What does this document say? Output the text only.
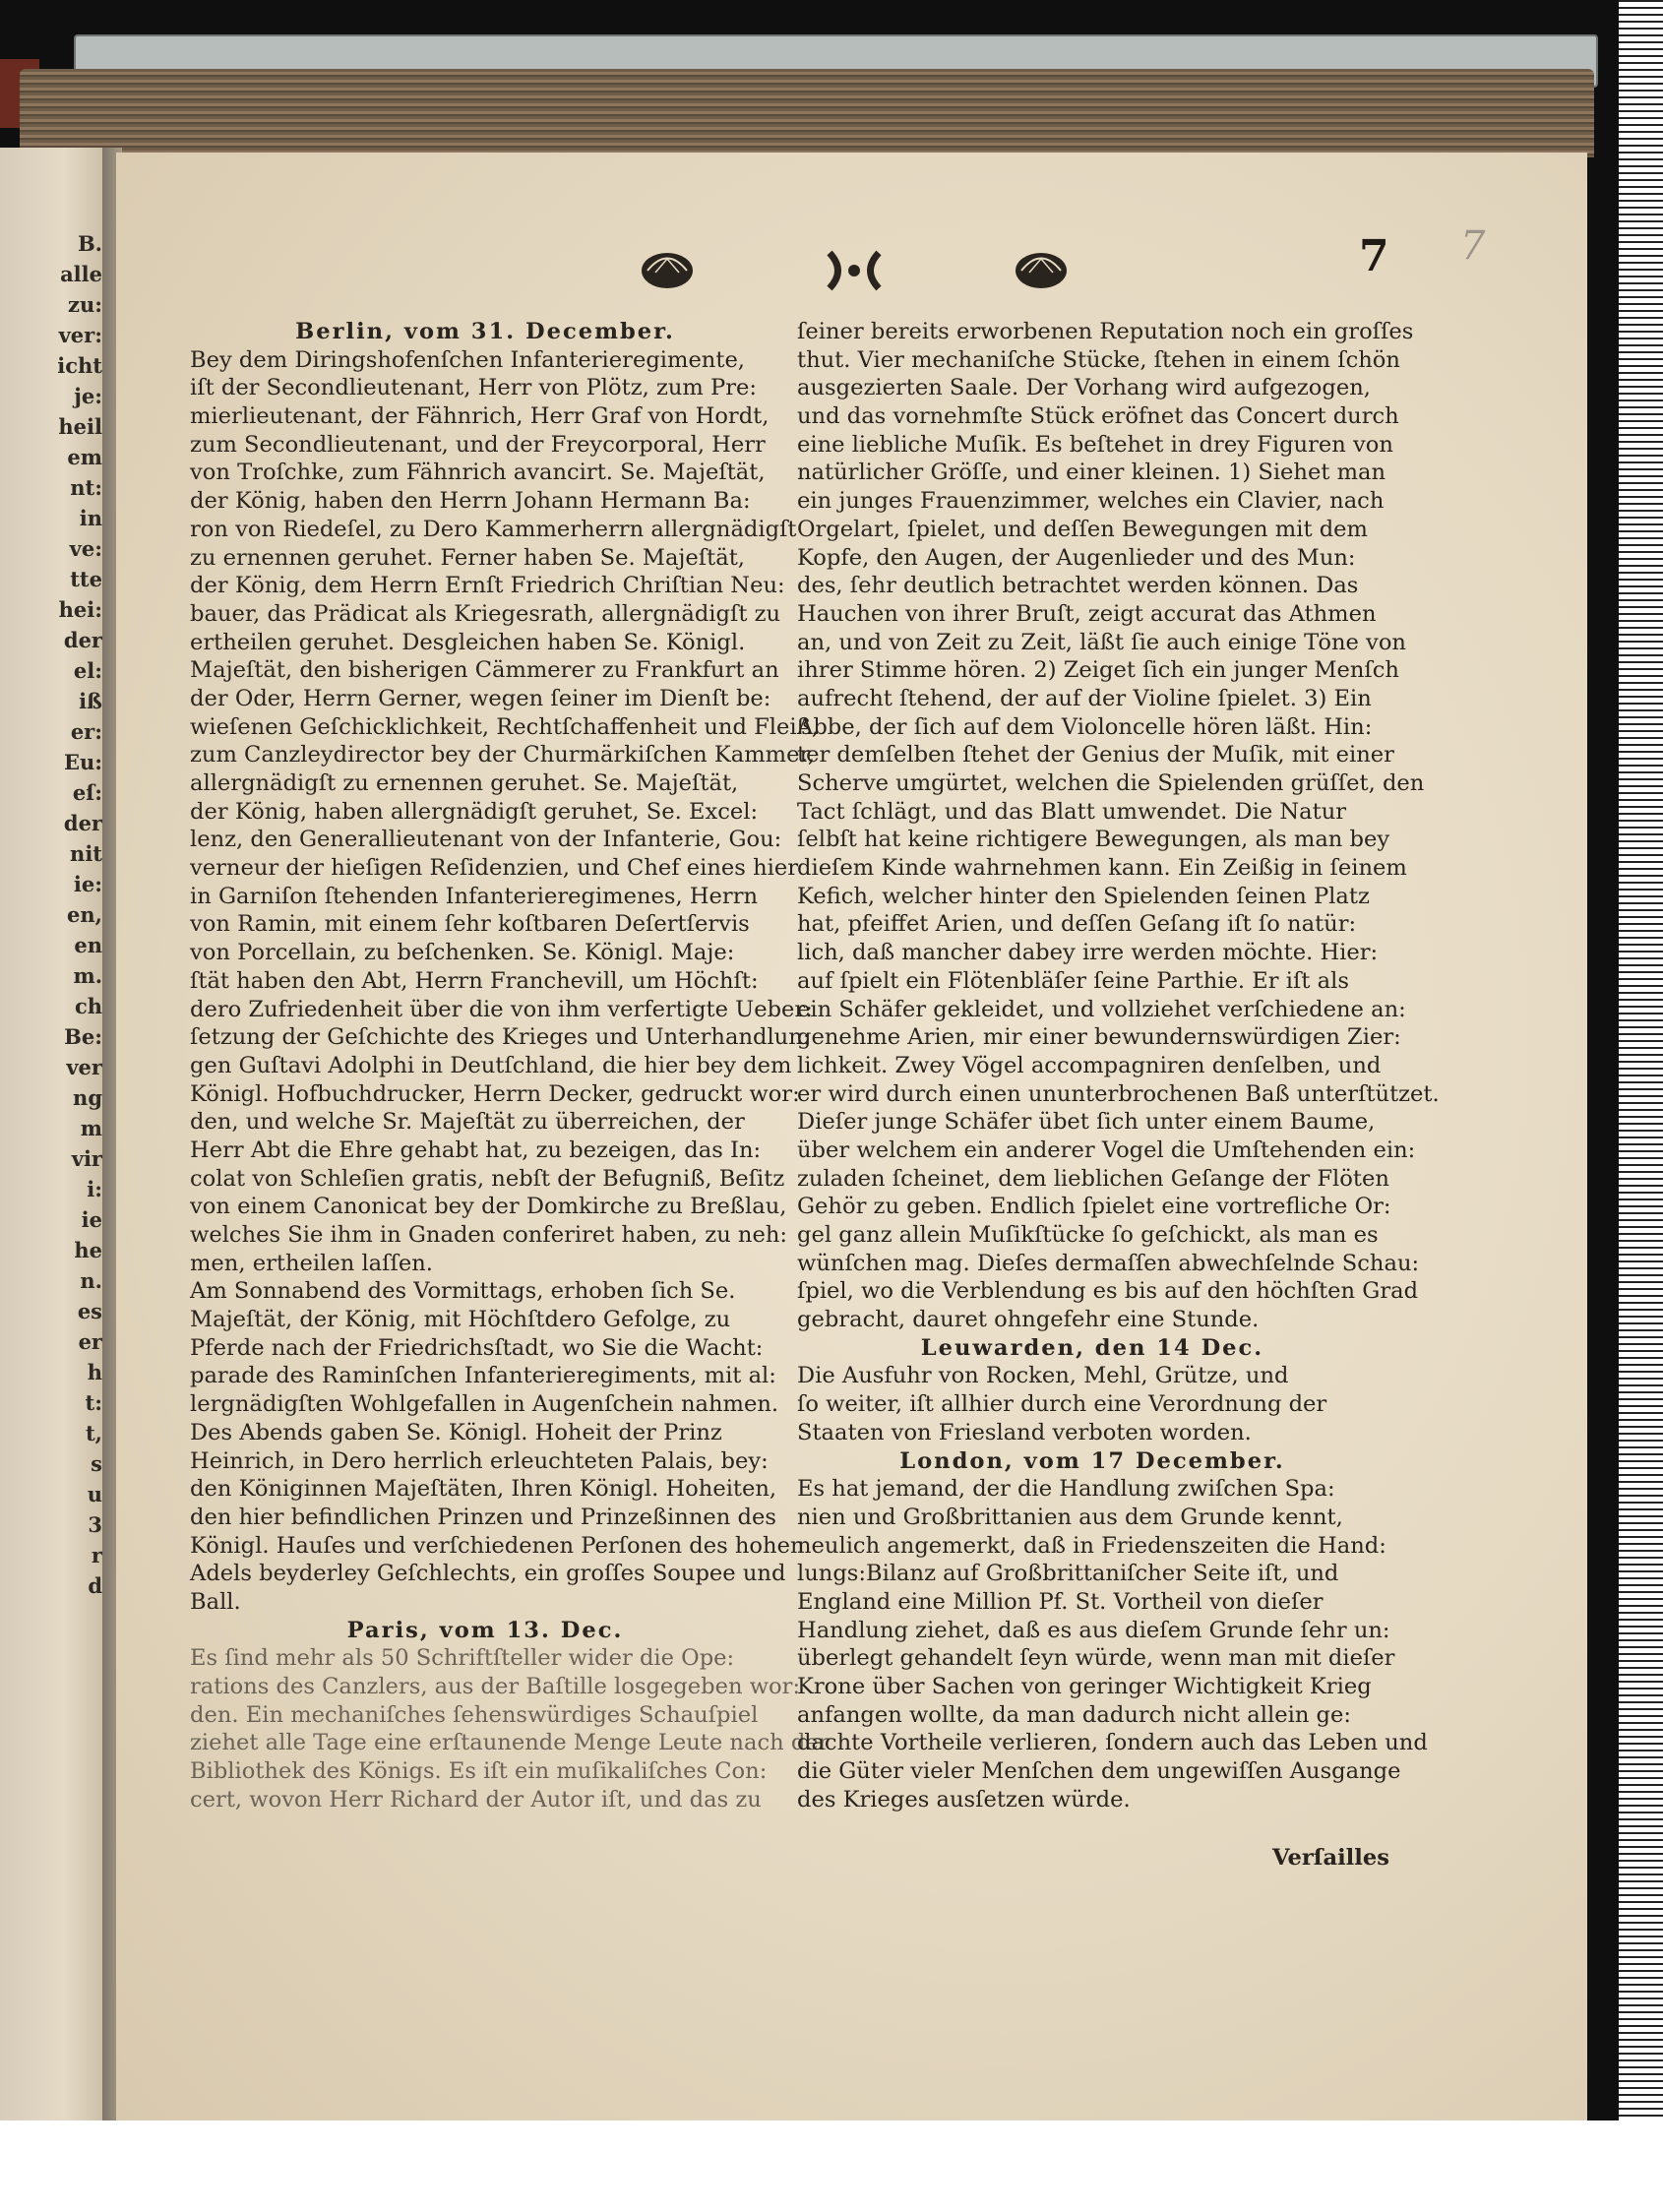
B.
alle
zu:
ver:
icht
je:
heil
em
nt:
in
ve:
tte
hei:
der
el:
iß
er:
Eu:
eſ:
der
nit
ie:
en,
en
m.
ch
Be:
ver
ng
m
vir
i:
ie
he
n.
es
er
h
t:
t,
s
u
3
r
d
7 7
Berlin, vom 31. December.
Bey dem Diringshofenſchen Infanterieregimente,
iſt der Secondlieutenant, Herr von Plötz, zum Pre:
mierlieutenant, der Fähnrich, Herr Graf von Hordt,
zum Secondlieutenant, und der Freycorporal, Herr
von Troſchke, zum Fähnrich avancirt. Se. Majeſtät,
der König, haben den Herrn Johann Hermann Ba:
ron von Riedeſel, zu Dero Kammerherrn allergnädigſt
zu ernennen geruhet. Ferner haben Se. Majeſtät,
der König, dem Herrn Ernſt Friedrich Chriſtian Neu:
bauer, das Prädicat als Kriegesrath, allergnädigſt zu
ertheilen geruhet. Desgleichen haben Se. Königl.
Majeſtät, den bisherigen Cämmerer zu Frankfurt an
der Oder, Herrn Gerner, wegen ſeiner im Dienſt be:
wieſenen Geſchicklichkeit, Rechtſchaffenheit und Fleiß,
zum Canzleydirector bey der Churmärkiſchen Kammer,
allergnädigſt zu ernennen geruhet. Se. Majeſtät,
der König, haben allergnädigſt geruhet, Se. Excel:
lenz, den Generallieutenant von der Infanterie, Gou:
verneur der hieſigen Reſidenzien, und Chef eines hier
in Garniſon ſtehenden Infanterieregimenes, Herrn
von Ramin, mit einem ſehr koſtbaren Deſertſervis
von Porcellain, zu beſchenken. Se. Königl. Maje:
ſtät haben den Abt, Herrn Franchevill, um Höchſt:
dero Zufriedenheit über die von ihm verfertigte Ueber:
ſetzung der Geſchichte des Krieges und Unterhandlun:
gen Guſtavi Adolphi in Deutſchland, die hier bey dem
Königl. Hofbuchdrucker, Herrn Decker, gedruckt wor:
den, und welche Sr. Majeſtät zu überreichen, der
Herr Abt die Ehre gehabt hat, zu bezeigen, das In:
colat von Schleſien gratis, nebſt der Befugniß, Beſitz
von einem Canonicat bey der Domkirche zu Breßlau,
welches Sie ihm in Gnaden conferiret haben, zu neh:
men, ertheilen laſſen.
Am Sonnabend des Vormittags, erhoben ſich Se.
Majeſtät, der König, mit Höchſtdero Gefolge, zu
Pferde nach der Friedrichsſtadt, wo Sie die Wacht:
parade des Raminſchen Infanterieregiments, mit al:
lergnädigſten Wohlgefallen in Augenſchein nahmen.
Des Abends gaben Se. Königl. Hoheit der Prinz
Heinrich, in Dero herrlich erleuchteten Palais, bey:
den Königinnen Majeſtäten, Ihren Königl. Hoheiten,
den hier befindlichen Prinzen und Prinzeßinnen des
Königl. Hauſes und verſchiedenen Perſonen des hohen
Adels beyderley Geſchlechts, ein groſſes Soupee und
Ball.
Paris, vom 13. Dec.
Es ſind mehr als 50 Schriftſteller wider die Ope:
rations des Canzlers, aus der Baſtille losgegeben wor:
den. Ein mechaniſches ſehenswürdiges Schauſpiel
ziehet alle Tage eine erſtaunende Menge Leute nach der
Bibliothek des Königs. Es iſt ein muſikaliſches Con:
cert, wovon Herr Richard der Autor iſt, und das zu
ſeiner bereits erworbenen Reputation noch ein groſſes
thut. Vier mechaniſche Stücke, ſtehen in einem ſchön
ausgezierten Saale. Der Vorhang wird aufgezogen,
und das vornehmſte Stück eröfnet das Concert durch
eine liebliche Muſik. Es beſtehet in drey Figuren von
natürlicher Gröſſe, und einer kleinen. 1) Siehet man
ein junges Frauenzimmer, welches ein Clavier, nach
Orgelart, ſpielet, und deſſen Bewegungen mit dem
Kopfe, den Augen, der Augenlieder und des Mun:
des, ſehr deutlich betrachtet werden können. Das
Hauchen von ihrer Bruſt, zeigt accurat das Athmen
an, und von Zeit zu Zeit, läßt ſie auch einige Töne von
ihrer Stimme hören. 2) Zeiget ſich ein junger Menſch
aufrecht ſtehend, der auf der Violine ſpielet. 3) Ein
Abbe, der ſich auf dem Violoncelle hören läßt. Hin:
ter demſelben ſtehet der Genius der Muſik, mit einer
Scherve umgürtet, welchen die Spielenden grüſſet, den
Tact ſchlägt, und das Blatt umwendet. Die Natur
ſelbſt hat keine richtigere Bewegungen, als man bey
dieſem Kinde wahrnehmen kann. Ein Zeißig in ſeinem
Kefich, welcher hinter den Spielenden ſeinen Platz
hat, pfeiffet Arien, und deſſen Geſang iſt ſo natür:
lich, daß mancher dabey irre werden möchte. Hier:
auf ſpielt ein Flötenbläſer ſeine Parthie. Er iſt als
ein Schäfer gekleidet, und vollziehet verſchiedene an:
genehme Arien, mir einer bewundernswürdigen Zier:
lichkeit. Zwey Vögel accompagniren denſelben, und
er wird durch einen ununterbrochenen Baß unterſtützet.
Dieſer junge Schäfer übet ſich unter einem Baume,
über welchem ein anderer Vogel die Umſtehenden ein:
zuladen ſcheinet, dem lieblichen Geſange der Flöten
Gehör zu geben. Endlich ſpielet eine vortrefliche Or:
gel ganz allein Muſikſtücke ſo geſchickt, als man es
wünſchen mag. Dieſes dermaſſen abwechſelnde Schau:
ſpiel, wo die Verblendung es bis auf den höchſten Grad
gebracht, dauret ohngefehr eine Stunde.
Leuwarden, den 14 Dec.
Die Ausfuhr von Rocken, Mehl, Grütze, und
ſo weiter, iſt allhier durch eine Verordnung der
Staaten von Friesland verboten worden.
London, vom 17 December.
Es hat jemand, der die Handlung zwiſchen Spa:
nien und Großbrittanien aus dem Grunde kennt,
neulich angemerkt, daß in Friedenszeiten die Hand:
lungs:Bilanz auf Großbrittaniſcher Seite iſt, und
England eine Million Pf. St. Vortheil von dieſer
Handlung ziehet, daß es aus dieſem Grunde ſehr un:
überlegt gehandelt ſeyn würde, wenn man mit dieſer
Krone über Sachen von geringer Wichtigkeit Krieg
anfangen wollte, da man dadurch nicht allein ge:
dachte Vortheile verlieren, ſondern auch das Leben und
die Güter vieler Menſchen dem ungewiſſen Ausgange
des Krieges ausſetzen würde.
Verſailles
